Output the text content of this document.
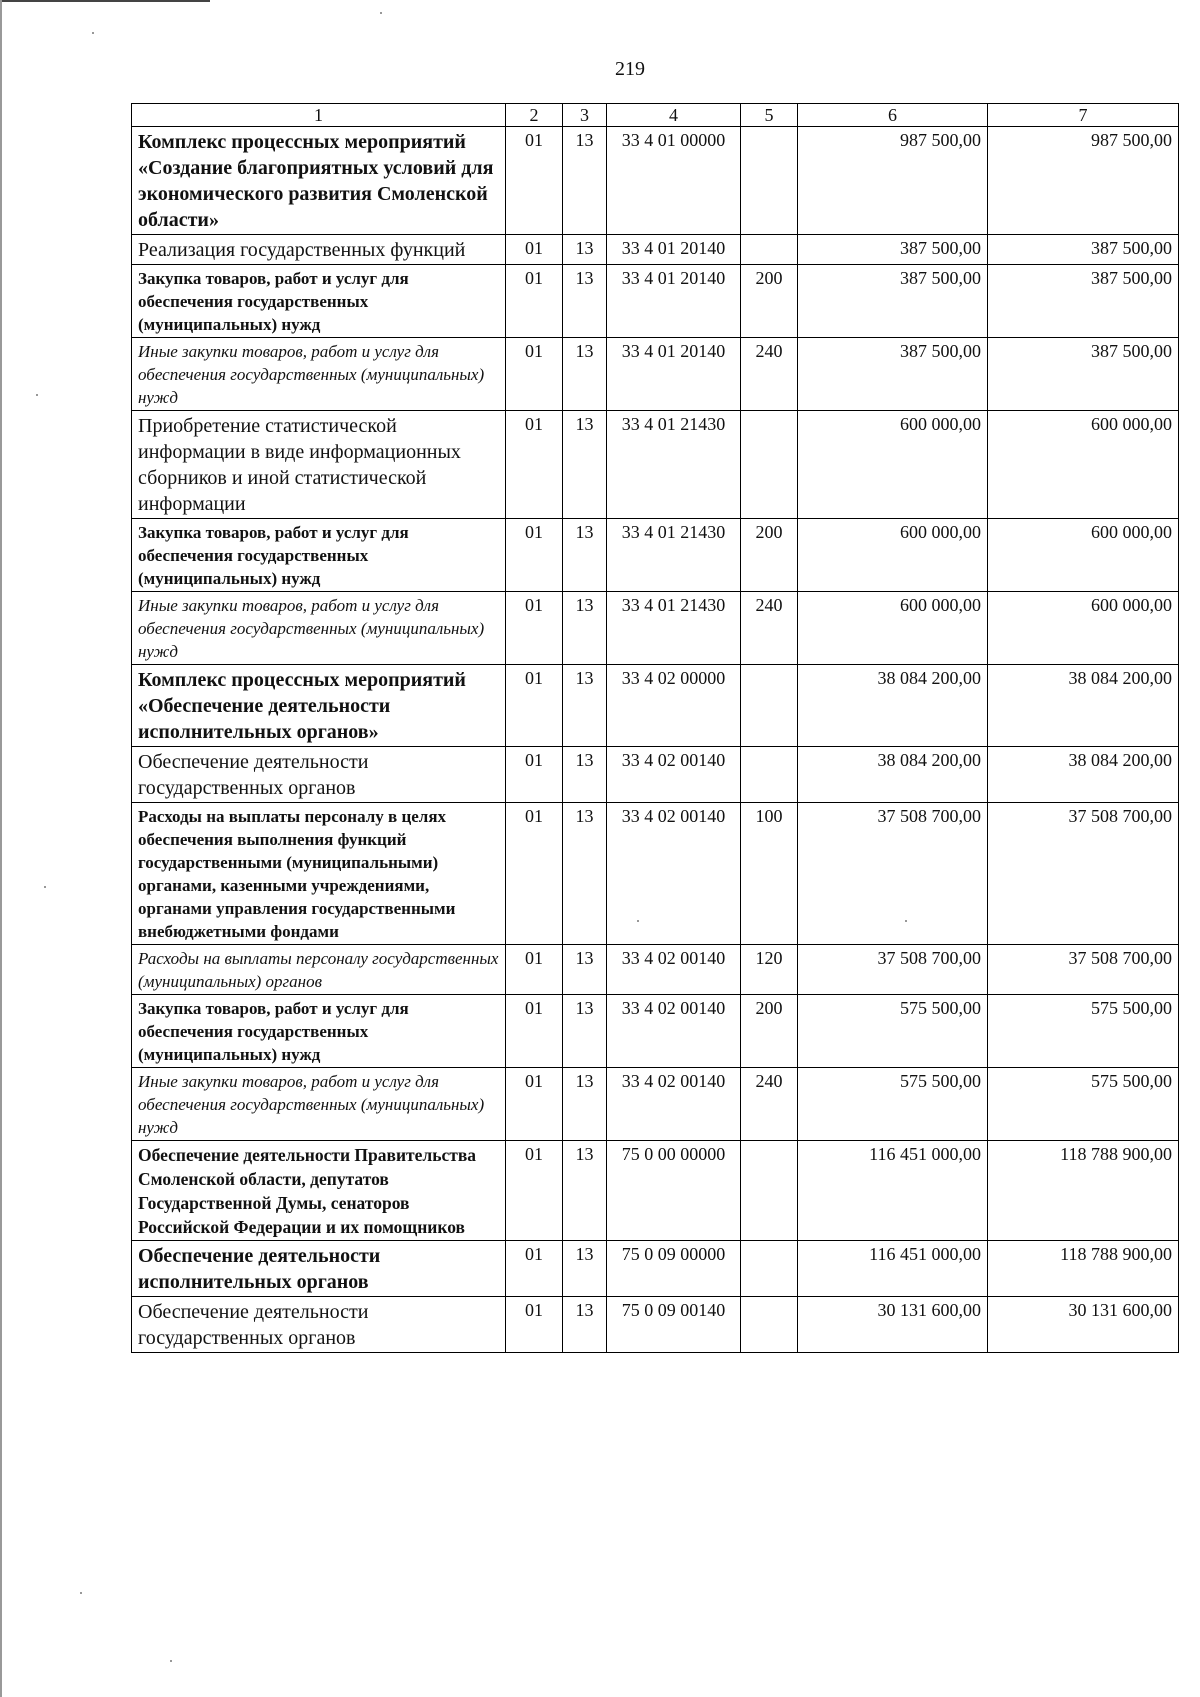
219
1	2	3	4	5	6	7
Комплекс процессных мероприятий «Создание благоприятных условий для экономического развития Смоленской области»	01	13	33 4 01 00000		987 500,00	987 500,00
Реализация государственных функций	01	13	33 4 01 20140		387 500,00	387 500,00
Закупка товаров, работ и услуг для обеспечения государственных (муниципальных) нужд	01	13	33 4 01 20140	200	387 500,00	387 500,00
Иные закупки товаров, работ и услуг для обеспечения государственных (муниципальных) нужд	01	13	33 4 01 20140	240	387 500,00	387 500,00
Приобретение статистической информации в виде информационных сборников и иной статистической информации	01	13	33 4 01 21430		600 000,00	600 000,00
Закупка товаров, работ и услуг для обеспечения государственных (муниципальных) нужд	01	13	33 4 01 21430	200	600 000,00	600 000,00
Иные закупки товаров, работ и услуг для обеспечения государственных (муниципальных) нужд	01	13	33 4 01 21430	240	600 000,00	600 000,00
Комплекс процессных мероприятий «Обеспечение деятельности исполнительных органов»	01	13	33 4 02 00000		38 084 200,00	38 084 200,00
Обеспечение деятельности государственных органов	01	13	33 4 02 00140		38 084 200,00	38 084 200,00
Расходы на выплаты персоналу в целях обеспечения выполнения функций государственными (муниципальными) органами, казенными учреждениями, органами управления государственными внебюджетными фондами	01	13	33 4 02 00140	100	37 508 700,00	37 508 700,00
Расходы на выплаты персоналу государственных (муниципальных) органов	01	13	33 4 02 00140	120	37 508 700,00	37 508 700,00
Закупка товаров, работ и услуг для обеспечения государственных (муниципальных) нужд	01	13	33 4 02 00140	200	575 500,00	575 500,00
Иные закупки товаров, работ и услуг для обеспечения государственных (муниципальных) нужд	01	13	33 4 02 00140	240	575 500,00	575 500,00
Обеспечение деятельности Правительства Смоленской области, депутатов Государственной Думы, сенаторов Российской Федерации и их помощников	01	13	75 0 00 00000		116 451 000,00	118 788 900,00
Обеспечение деятельности исполнительных органов	01	13	75 0 09 00000		116 451 000,00	118 788 900,00
Обеспечение деятельности государственных органов	01	13	75 0 09 00140		30 131 600,00	30 131 600,00
